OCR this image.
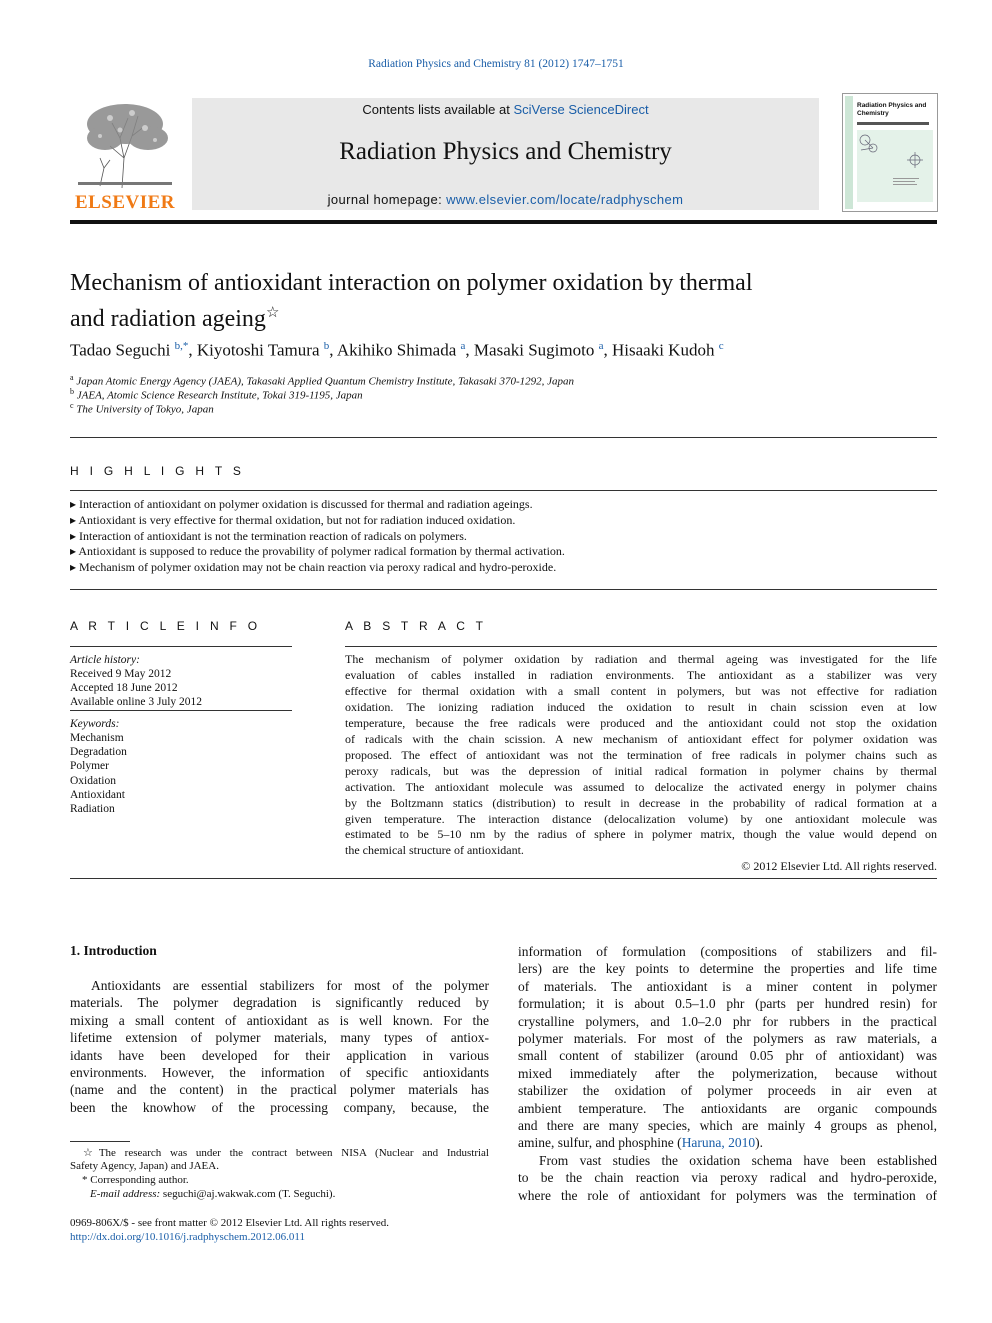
Radiation Physics and Chemistry 81 (2012) 1747–1751
ELSEVIER
Contents lists available at SciVerse ScienceDirect
Radiation Physics and Chemistry
journal homepage: www.elsevier.com/locate/radphyschem
Radiation Physics and
Chemistry
Mechanism of antioxidant interaction on polymer oxidation by thermal
and radiation ageing☆
Tadao Seguchi $^{b,*}$, Kiyotoshi Tamura $^b$, Akihiko Shimada $^a$, Masaki Sugimoto $^a$, Hisaaki Kudoh $^c$
$^a$ Japan Atomic Energy Agency (JAEA), Takasaki Applied Quantum Chemistry Institute, Takasaki 370-1292, Japan
$^b$ JAEA, Atomic Science Research Institute, Tokai 319-1195, Japan
$^c$ The University of Tokyo, Japan
H I G H L I G H T S
▸ Interaction of antioxidant on polymer oxidation is discussed for thermal and radiation ageings.
▸ Antioxidant is very effective for thermal oxidation, but not for radiation induced oxidation.
▸ Interaction of antioxidant is not the termination reaction of radicals on polymers.
▸ Antioxidant is supposed to reduce the provability of polymer radical formation by thermal activation.
▸ Mechanism of polymer oxidation may not be chain reaction via peroxy radical and hydro-peroxide.
A R T I C L E I N F O
Article history:
Received 9 May 2012
Accepted 18 June 2012
Available online 3 July 2012
Keywords:
Mechanism
Degradation
Polymer
Oxidation
Antioxidant
Radiation
A B S T R A C T
The mechanism of polymer oxidation by radiation and thermal ageing was investigated for the life
evaluation of cables installed in radiation environments. The antioxidant as a stabilizer was very
effective for thermal oxidation with a small content in polymers, but was not effective for radiation
oxidation. The ionizing radiation induced the oxidation to result in chain scission even at low
temperature, because the free radicals were produced and the antioxidant could not stop the oxidation
of radicals with the chain scission. A new mechanism of antioxidant effect for polymer oxidation was
proposed. The effect of antioxidant was not the termination of free radicals in polymer chains such as
peroxy radicals, but was the depression of initial radical formation in polymer chains by thermal
activation. The antioxidant molecule was assumed to delocalize the activated energy in polymer chains
by the Boltzmann statics (distribution) to result in decrease in the probability of radical formation at a
given temperature. The interaction distance (delocalization volume) by one antioxidant molecule was
estimated to be 5–10 nm by the radius of sphere in polymer matrix, though the value would depend on
the chemical structure of antioxidant.
© 2012 Elsevier Ltd. All rights reserved.
1. Introduction
Antioxidants are essential stabilizers for most of the polymer
materials. The polymer degradation is significantly reduced by
mixing a small content of antioxidant as is well known. For the
lifetime extension of polymer materials, many types of antiox-
idants have been developed for their application in various
environments. However, the information of specific antioxidants
(name and the content) in the practical polymer materials has
been the knowhow of the processing company, because, the
information of formulation (compositions of stabilizers and fil-
lers) are the key points to determine the properties and life time
of materials. The antioxidant is a miner content in polymer
formulation; it is about 0.5–1.0 phr (parts per hundred resin) for
crystalline polymers, and 1.0–2.0 phr for rubbers in the practical
polymer materials. For most of the polymers as raw materials, a
small content of stabilizer (around 0.05 phr of antioxidant) was
mixed immediately after the polymerization, because without
stabilizer the oxidation of polymer proceeds in air even at
ambient temperature. The antioxidants are organic compounds
and there are many species, which are mainly 4 groups as phenol,
amine, sulfur, and phosphine (Haruna, 2010).
From vast studies the oxidation schema have been established
to be the chain reaction via peroxy radical and hydro-peroxide,
where the role of antioxidant for polymers was the termination of
☆The research was under the contract between NISA (Nuclear and Industrial
Safety Agency, Japan) and JAEA.
* Corresponding author.
E-mail address: seguchi@aj.wakwak.com (T. Seguchi).
0969-806X/$ - see front matter © 2012 Elsevier Ltd. All rights reserved.
http://dx.doi.org/10.1016/j.radphyschem.2012.06.011
